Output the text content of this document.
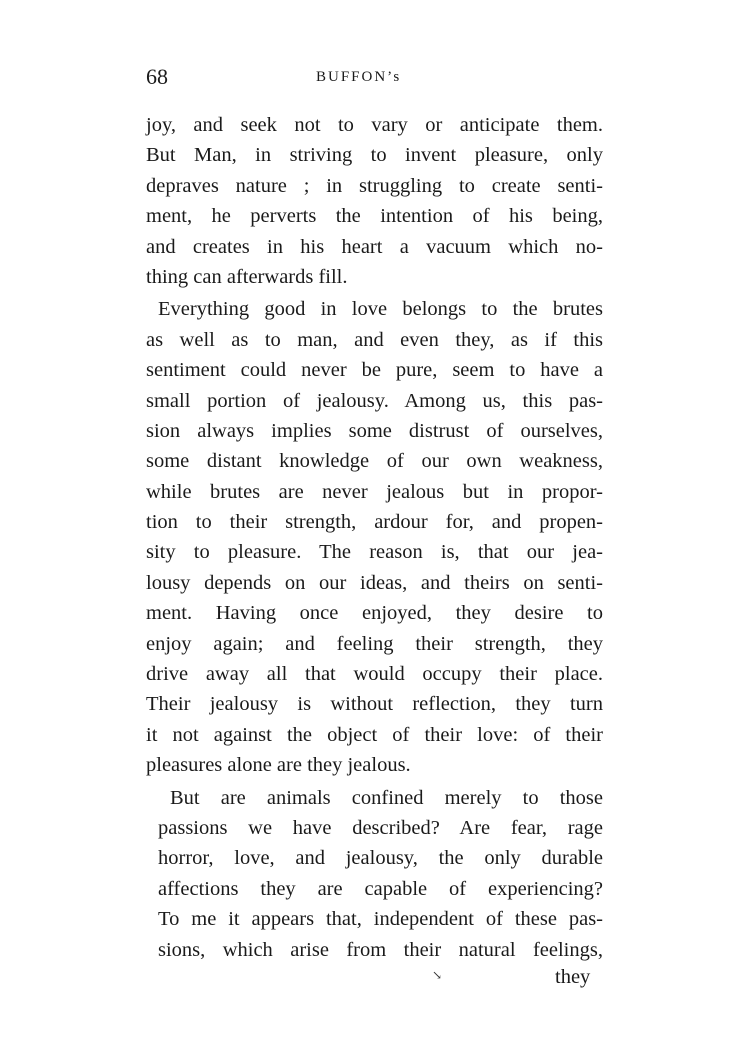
68	BUFFON’s
joy, and seek not to vary or anticipate them.
But Man, in striving to invent pleasure, only
depraves nature ; in struggling to create senti-
ment, he perverts the intention of his being,
and creates in his heart a vacuum which no-
thing can afterwards fill.
Everything good in love belongs to the brutes
as well as to man, and even they, as if this
sentiment could never be pure, seem to have a
small portion of jealousy. Among us, this pas-
sion always implies some distrust of ourselves,
some distant knowledge of our own weakness,
while brutes are never jealous but in propor-
tion to their strength, ardour for, and propen-
sity to pleasure. The reason is, that our jea-
lousy depends on our ideas, and theirs on senti-
ment. Having once enjoyed, they desire to
enjoy again; and feeling their strength, they
drive away all that would occupy their place.
Their jealousy is without reflection, they turn
it not against the object of their love: of their
pleasures alone are they jealous.
But are animals confined merely to those
passions we have described? Are fear, rage
horror, love, and jealousy, the only durable
affections they are capable of experiencing?
To me it appears that, independent of these pas-
sions, which arise from their natural feelings,
↘	they
